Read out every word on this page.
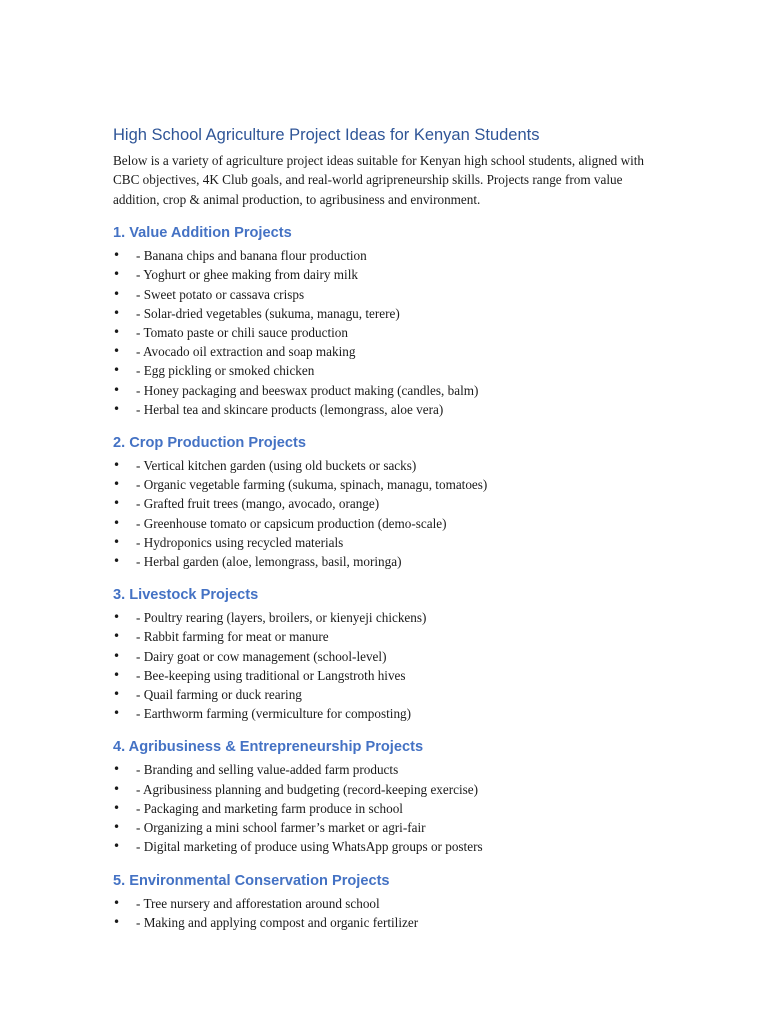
High School Agriculture Project Ideas for Kenyan Students

Below is a variety of agriculture project ideas suitable for Kenyan high school students, aligned with CBC objectives, 4K Club goals, and real-world agripreneurship skills. Projects range from value addition, crop & animal production, to agribusiness and environment.

1. Value Addition Projects
• - Banana chips and banana flour production
• - Yoghurt or ghee making from dairy milk
• - Sweet potato or cassava crisps
• - Solar-dried vegetables (sukuma, managu, terere)
• - Tomato paste or chili sauce production
• - Avocado oil extraction and soap making
• - Egg pickling or smoked chicken
• - Honey packaging and beeswax product making (candles, balm)
• - Herbal tea and skincare products (lemongrass, aloe vera)
2. Crop Production Projects
• - Vertical kitchen garden (using old buckets or sacks)
• - Organic vegetable farming (sukuma, spinach, managu, tomatoes)
• - Grafted fruit trees (mango, avocado, orange)
• - Greenhouse tomato or capsicum production (demo-scale)
• - Hydroponics using recycled materials
• - Herbal garden (aloe, lemongrass, basil, moringa)
3. Livestock Projects
• - Poultry rearing (layers, broilers, or kienyeji chickens)
• - Rabbit farming for meat or manure
• - Dairy goat or cow management (school-level)
• - Bee-keeping using traditional or Langstroth hives
• - Quail farming or duck rearing
• - Earthworm farming (vermiculture for composting)
4. Agribusiness & Entrepreneurship Projects
• - Branding and selling value-added farm products
• - Agribusiness planning and budgeting (record-keeping exercise)
• - Packaging and marketing farm produce in school
• - Organizing a mini school farmer’s market or agri-fair
• - Digital marketing of produce using WhatsApp groups or posters
5. Environmental Conservation Projects
• - Tree nursery and afforestation around school
• - Making and applying compost and organic fertilizer
